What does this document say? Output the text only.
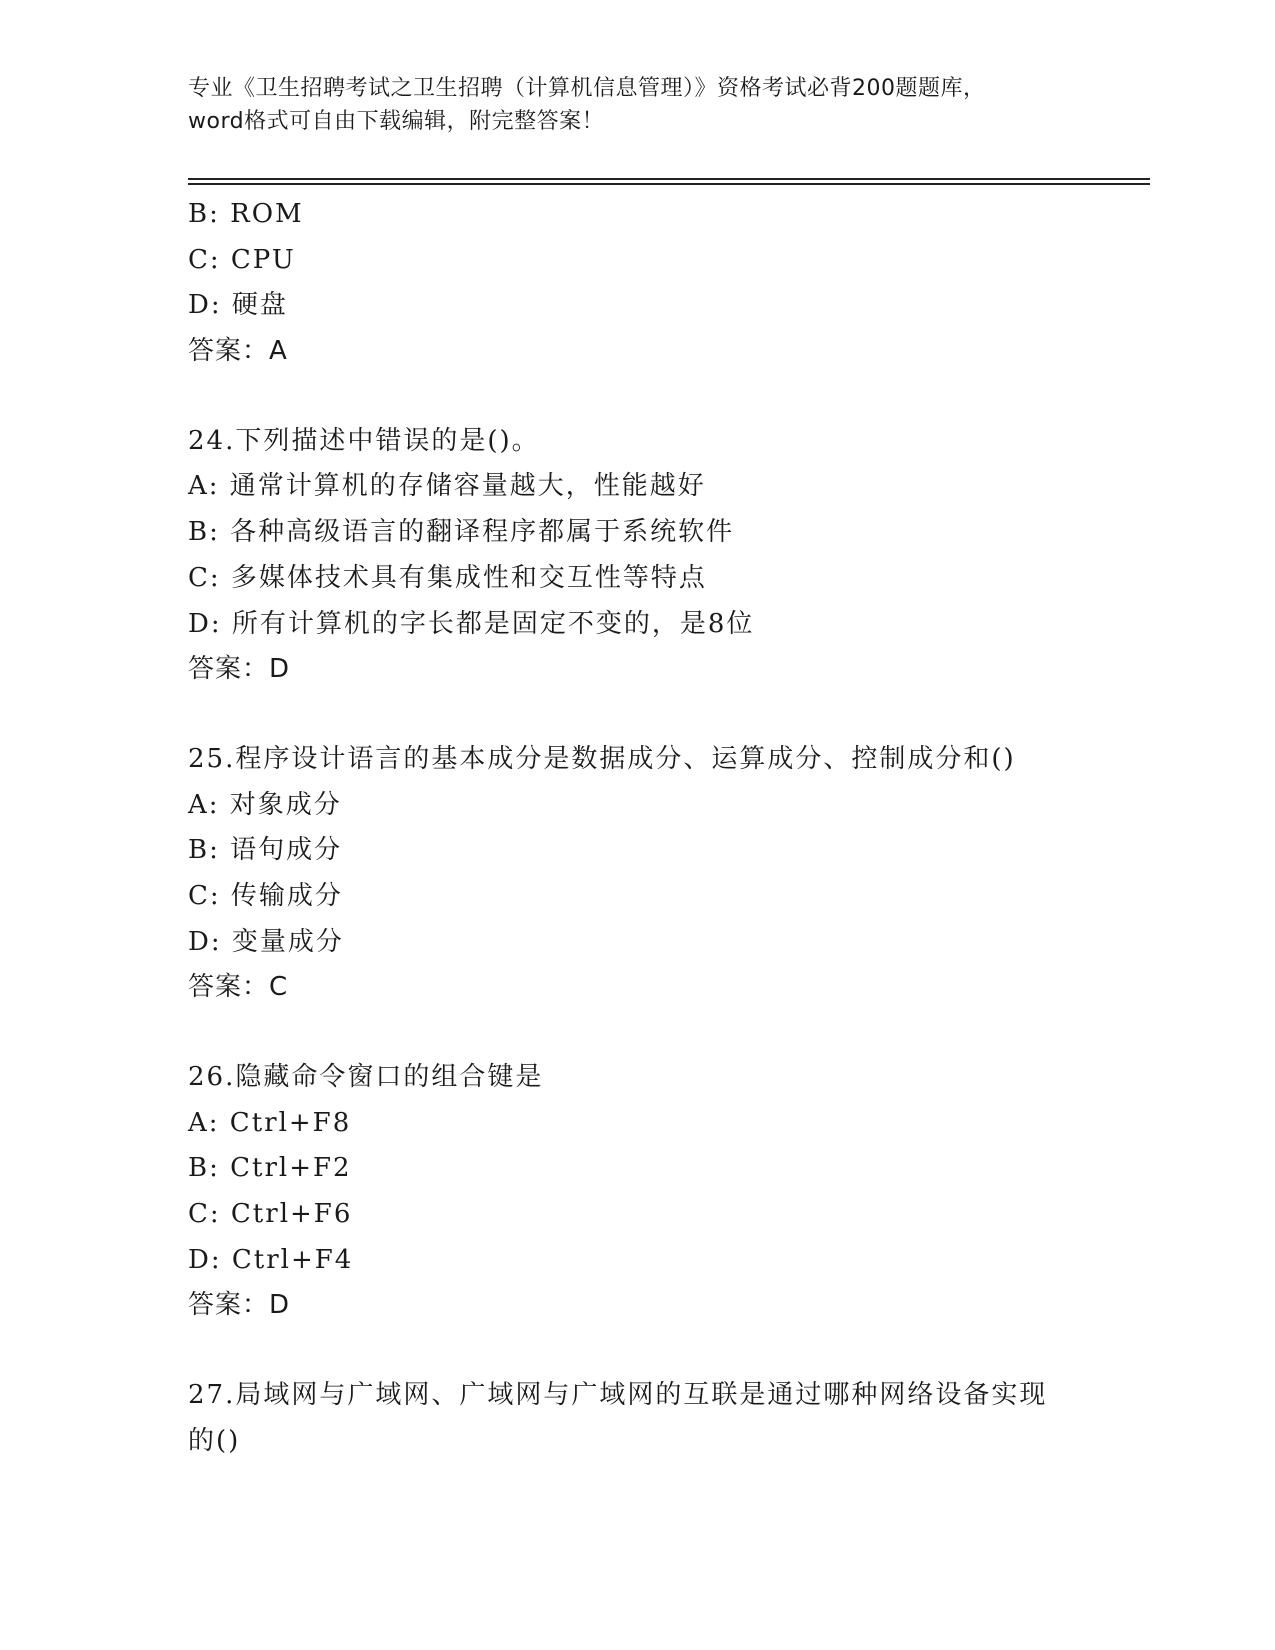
专业《卫生招聘考试之卫生招聘（计算机信息管理）》资格考试必背200题题库，
word格式可自由下载编辑，附完整答案！
B: ROM
C: CPU
D: 硬盘
答案：A
24.下列描述中错误的是()。
A: 通常计算机的存储容量越大，性能越好
B: 各种高级语言的翻译程序都属于系统软件
C: 多媒体技术具有集成性和交互性等特点
D: 所有计算机的字长都是固定不变的，是8位
答案：D
25.程序设计语言的基本成分是数据成分、运算成分、控制成分和()
A: 对象成分
B: 语句成分
C: 传输成分
D: 变量成分
答案：C
26.隐藏命令窗口的组合键是
A: Ctrl+F8
B: Ctrl+F2
C: Ctrl+F6
D: Ctrl+F4
答案：D
27.局域网与广域网、广域网与广域网的互联是通过哪种网络设备实现的()
